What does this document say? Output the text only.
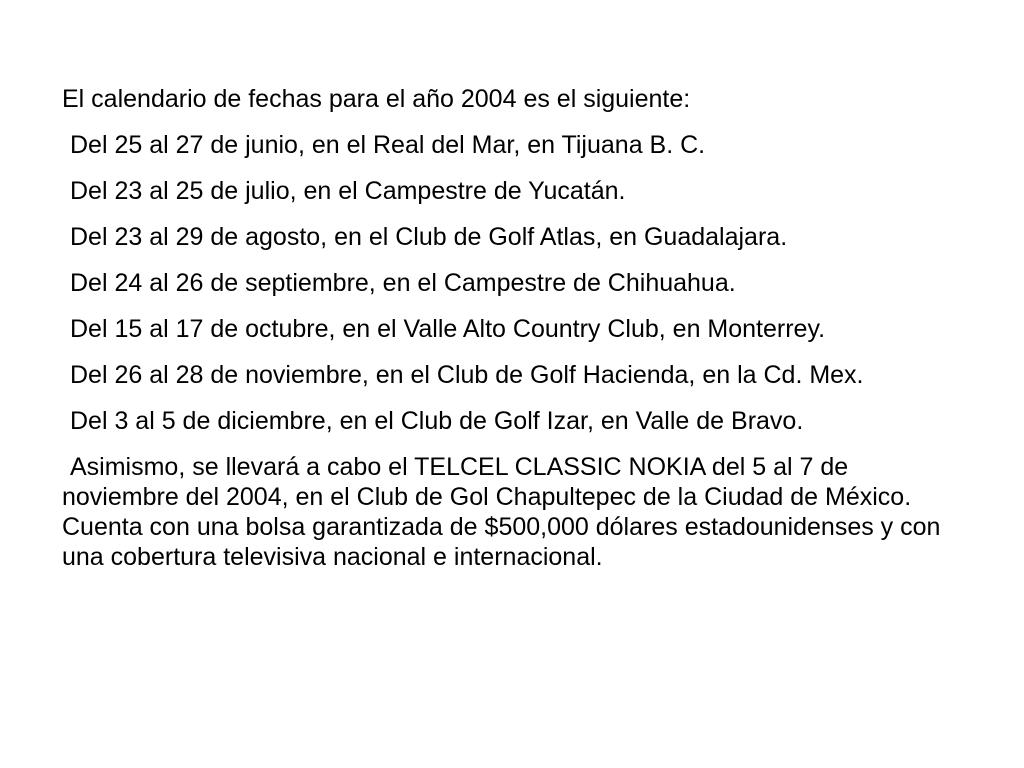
El calendario de fechas para el año 2004 es el siguiente:

Del 25 al 27 de junio, en el Real del Mar, en Tijuana B. C.

Del 23 al 25 de julio, en el Campestre de Yucatán.

Del 23 al 29 de agosto, en el Club de Golf Atlas, en Guadalajara.

Del 24 al 26 de septiembre, en el Campestre de Chihuahua.

Del 15 al 17 de octubre, en el Valle Alto Country Club, en Monterrey.

Del 26 al 28 de noviembre, en el Club de Golf Hacienda, en la Cd. Mex.

Del 3 al 5 de diciembre, en el Club de Golf Izar, en Valle de Bravo.

Asimismo, se llevará a cabo el TELCEL CLASSIC NOKIA del 5 al 7 de noviembre del 2004, en el Club de Gol Chapultepec de la Ciudad de México. Cuenta con una bolsa garantizada de $500,000 dólares estadounidenses y con una cobertura televisiva nacional e internacional.
